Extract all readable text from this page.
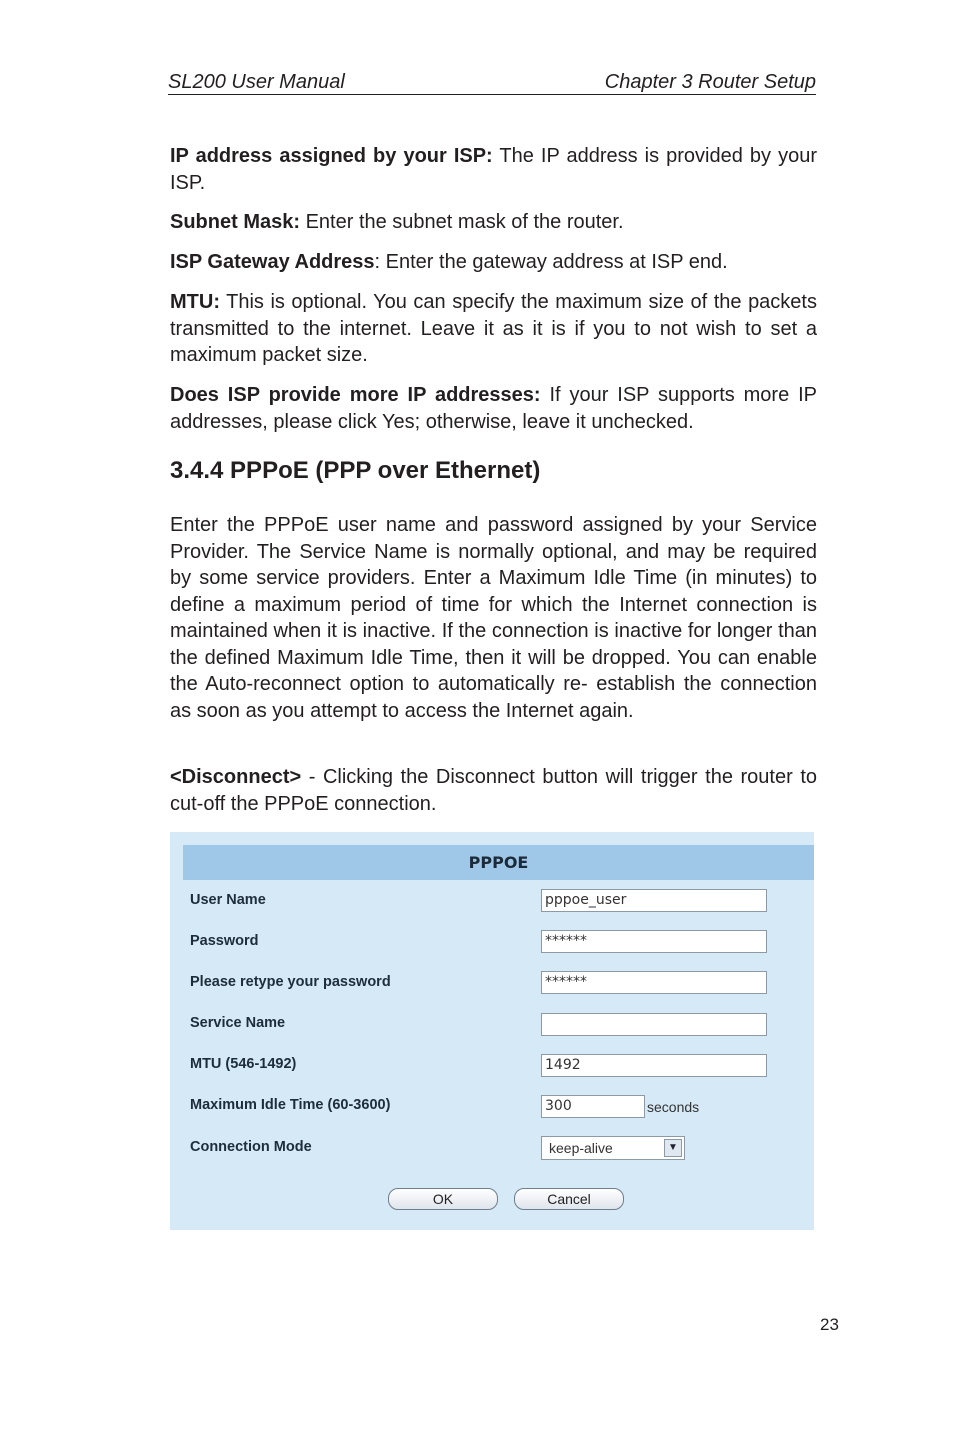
SL200 User Manual	Chapter 3 Router Setup
IP address assigned by your ISP: The IP address is provided by your ISP.
Subnet Mask: Enter the subnet mask of the router.
ISP Gateway Address: Enter the gateway address at ISP end.
MTU: This is optional. You can specify the maximum size of the packets transmitted to the internet. Leave it as it is if you to not wish to set a maximum packet size.
Does ISP provide more IP addresses: If your ISP supports more IP addresses, please click Yes; otherwise, leave it unchecked.
3.4.4 PPPoE (PPP over Ethernet)
Enter the PPPoE user name and password assigned by your Service Provider. The Service Name is normally optional, and may be required by some service providers. Enter a Maximum Idle Time (in minutes) to define a maximum period of time for which the Internet connection is maintained when it is inactive. If the connection is inactive for longer than the defined Maximum Idle Time, then it will be dropped. You can enable the Auto-reconnect option to automatically re- establish the connection as soon as you attempt to access the Internet again.
<Disconnect> - Clicking the Disconnect button will trigger the router to cut-off the PPPoE connection.
PPPOE
User Name	pppoe_user
Password	******
Please retype your password	******
Service Name
MTU (546-1492)	1492
Maximum Idle Time (60-3600)	300	seconds
Connection Mode	keep-alive	▼
OK	Cancel
23
